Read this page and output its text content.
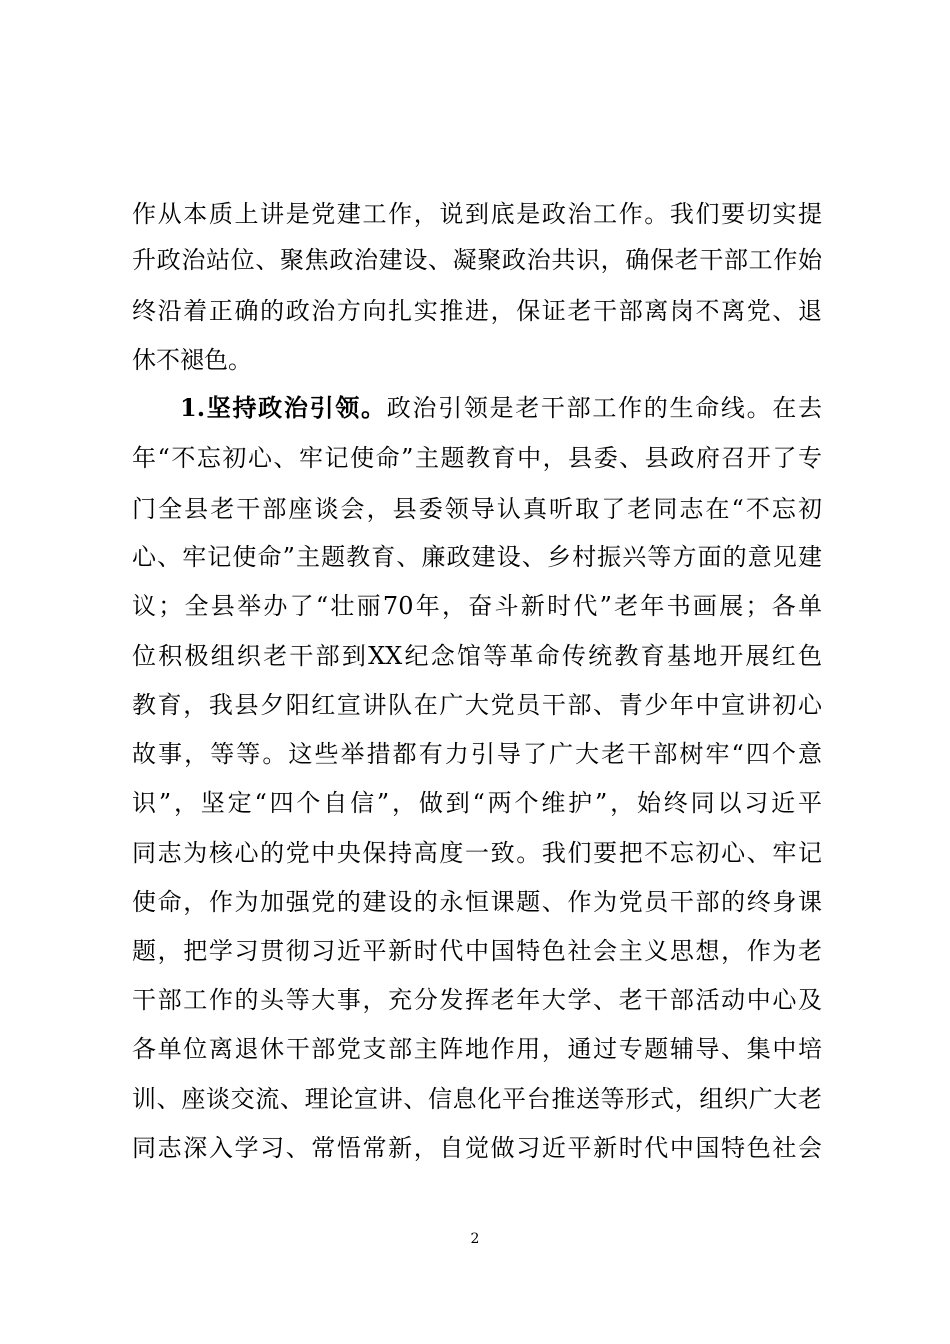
作从本质上讲是党建工作，说到底是政治工作。我们要切实提
升政治站位、聚焦政治建设、凝聚政治共识，确保老干部工作始
终沿着正确的政治方向扎实推进，保证老干部离岗不离党、退
休不褪色。
1.坚持政治引领。政治引领是老干部工作的生命线。在去
年“不忘初心、牢记使命”主题教育中，县委、县政府召开了专
门全县老干部座谈会，县委领导认真听取了老同志在“不忘初
心、牢记使命”主题教育、廉政建设、乡村振兴等方面的意见建
议；全县举办了“壮丽70年，奋斗新时代”老年书画展；各单
位积极组织老干部到XX纪念馆等革命传统教育基地开展红色
教育，我县夕阳红宣讲队在广大党员干部、青少年中宣讲初心
故事，等等。这些举措都有力引导了广大老干部树牢“四个意
识”，坚定“四个自信”，做到“两个维护”，始终同以习近平
同志为核心的党中央保持高度一致。我们要把不忘初心、牢记
使命，作为加强党的建设的永恒课题、作为党员干部的终身课
题，把学习贯彻习近平新时代中国特色社会主义思想，作为老
干部工作的头等大事，充分发挥老年大学、老干部活动中心及
各单位离退休干部党支部主阵地作用，通过专题辅导、集中培
训、座谈交流、理论宣讲、信息化平台推送等形式，组织广大老
同志深入学习、常悟常新，自觉做习近平新时代中国特色社会
2
